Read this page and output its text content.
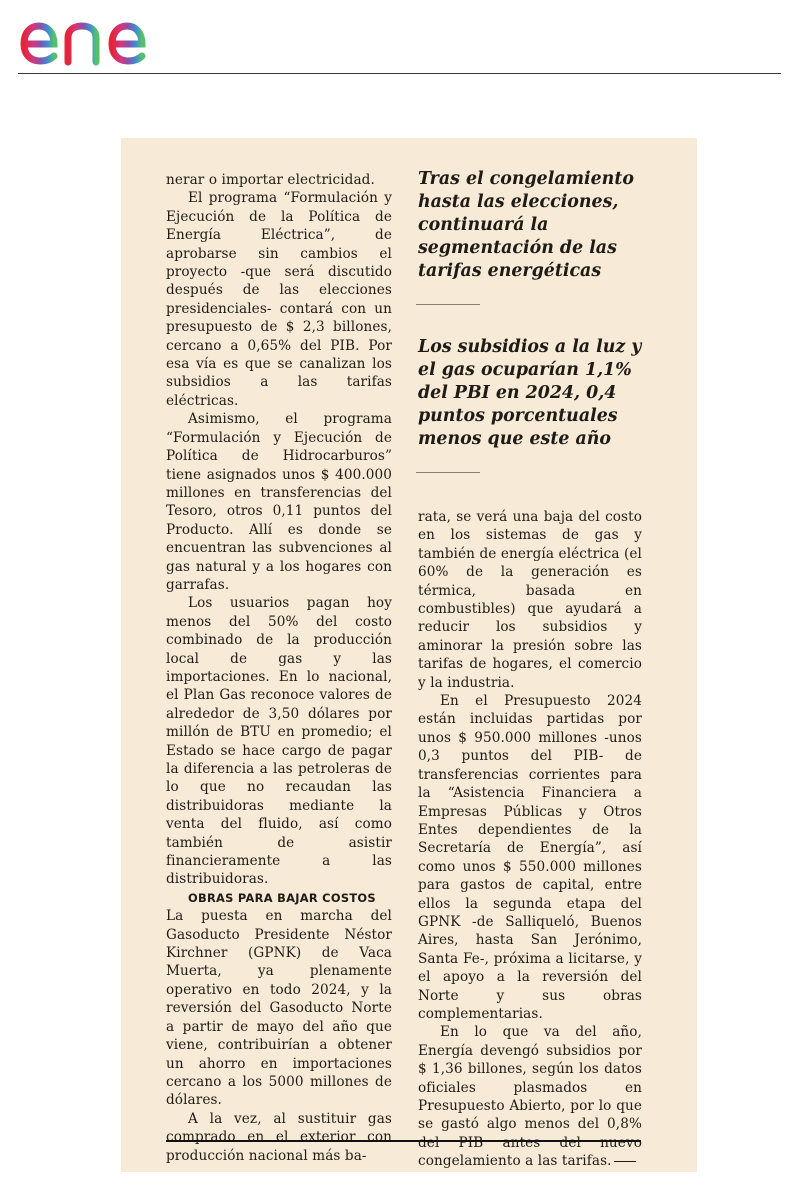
nerar o importar electricidad.

El programa “Formulación y Ejecución de la Política de Energía Eléctrica”, de aprobarse sin cambios el proyecto -que será discutido después de las elecciones presidenciales- contará con un presupuesto de $ 2,3 billones, cercano a 0,65% del PIB. Por esa vía es que se canalizan los subsidios a las tarifas eléctricas.

Asimismo, el programa “Formulación y Ejecución de Política de Hidrocarburos” tiene asignados unos $ 400.000 millones en transferencias del Tesoro, otros 0,11 puntos del Producto. Allí es donde se encuentran las subvenciones al gas natural y a los hogares con garrafas.

Los usuarios pagan hoy menos del 50% del costo combinado de la producción local de gas y las importaciones. En lo nacional, el Plan Gas reconoce valores de alrededor de 3,50 dólares por millón de BTU en promedio; el Estado se hace cargo de pagar la diferencia a las petroleras de lo que no recaudan las distribuidoras mediante la venta del fluido, así como también de asistir financieramente a las distribuidoras.

OBRAS PARA BAJAR COSTOS

La puesta en marcha del Gasoducto Presidente Néstor Kirchner (GPNK) de Vaca Muerta, ya plenamente operativo en todo 2024, y la reversión del Gasoducto Norte a partir de mayo del año que viene, contribuirían a obtener un ahorro en importaciones cercano a los 5000 millones de dólares.

A la vez, al sustituir gas comprado en el exterior con producción nacional más ba-

Tras el congelamiento hasta las elecciones, continuará la segmentación de las tarifas energéticas
Los subsidios a la luz y el gas ocuparían 1,1% del PBI en 2024, 0,4 puntos porcentuales menos que este año

rata, se verá una baja del costo en los sistemas de gas y también de energía eléctrica (el 60% de la generación es térmica, basada en combustibles) que ayudará a reducir los subsidios y aminorar la presión sobre las tarifas de hogares, el comercio y la industria.

En el Presupuesto 2024 están incluidas partidas por unos $ 950.000 millones -unos 0,3 puntos del PIB- de transferencias corrientes para la “Asistencia Financiera a Empresas Públicas y Otros Entes dependientes de la Secretaría de Energía”, así como unos $ 550.000 millones para gastos de capital, entre ellos la segunda etapa del GPNK -de Salliqueló, Buenos Aires, hasta San Jerónimo, Santa Fe-, próxima a licitarse, y el apoyo a la reversión del Norte y sus obras complementarias.

En lo que va del año, Energía devengó subsidios por $ 1,36 billones, según los datos oficiales plasmados en Presupuesto Abierto, por lo que se gastó algo menos del 0,8% del PIB antes del nuevo congelamiento a las tarifas.
